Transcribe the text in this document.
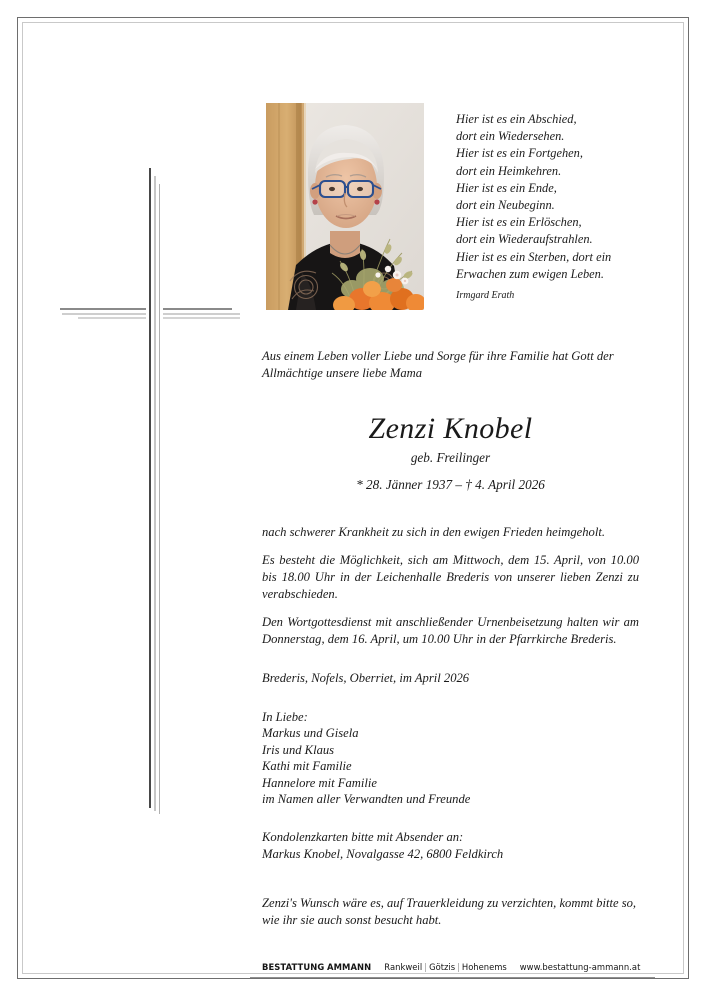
Hier ist es ein Abschied,
dort ein Wiedersehen.
Hier ist es ein Fortgehen,
dort ein Heimkehren.
Hier ist es ein Ende,
dort ein Neubeginn.
Hier ist es ein Erlöschen,
dort ein Wiederaufstrahlen.
Hier ist es ein Sterben, dort ein
Erwachen zum ewigen Leben.
Irmgard Erath

Aus einem Leben voller Liebe und Sorge für ihre Familie hat Gott der Allmächtige unsere liebe Mama

Zenzi Knobel
geb. Freilinger
* 28. Jänner 1937 – † 4. April 2026

nach schwerer Krankheit zu sich in den ewigen Frieden heimgeholt.

Es besteht die Möglichkeit, sich am Mittwoch, dem 15. April, von 10.00 bis 18.00 Uhr in der Leichenhalle Brederis von unserer lieben Zenzi zu verabschieden.

Den Wortgottesdienst mit anschließender Urnenbeisetzung halten wir am Donnerstag, dem 16. April, um 10.00 Uhr in der Pfarrkirche Brederis.

Brederis, Nofels, Oberriet, im April 2026

In Liebe:
Markus und Gisela
Iris und Klaus
Kathi mit Familie
Hannelore mit Familie
im Namen aller Verwandten und Freunde
Kondolenzkarten bitte mit Absender an:
Markus Knobel, Novalgasse 42, 6800 Feldkirch

Zenzi's Wunsch wäre es, auf Trauerkleidung zu verzichten, kommt bitte so, wie ihr sie auch sonst besucht habt.

BESTATTUNG
AMMANN Rankweil | Götzis | Hohenems www.bestattung-ammann.at
